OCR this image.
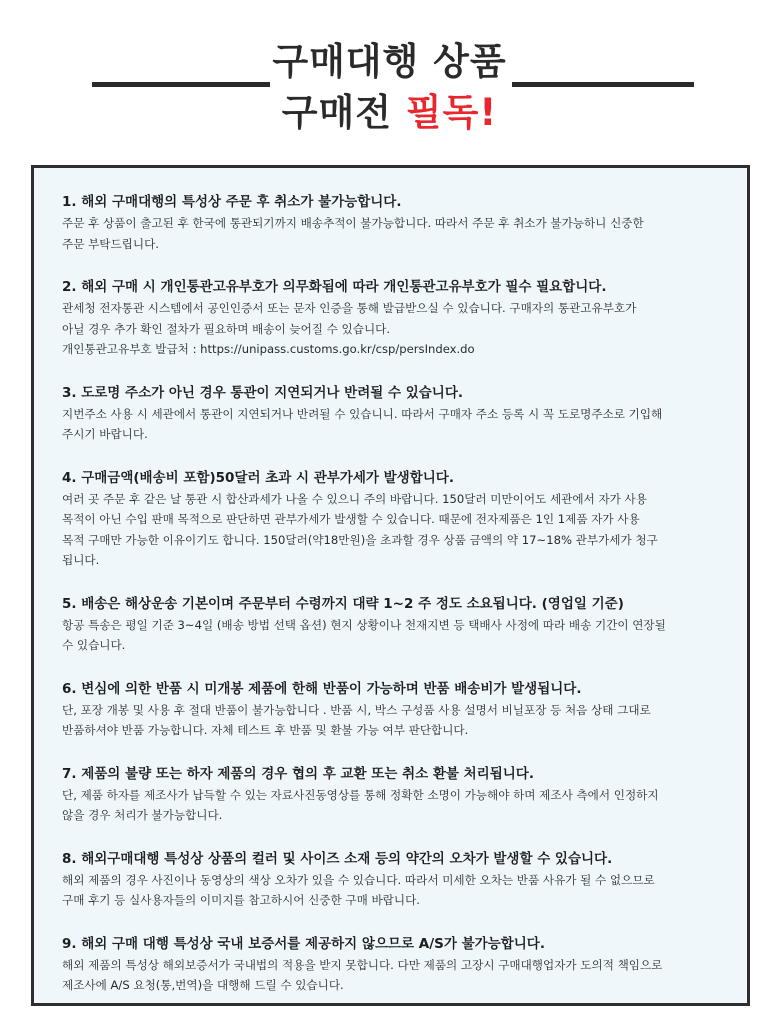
구매대행 상품
구매전 필독!
1. 해외 구매대행의 특성상 주문 후 취소가 불가능합니다.
주문 후 상품이 출고된 후 한국에 통관되기까지 배송추적이 불가능합니다. 따라서 주문 후 취소가 불가능하니 신중한
주문 부탁드립니다.
2. 해외 구매 시 개인통관고유부호가 의무화됨에 따라 개인통관고유부호가 필수 필요합니다.
관세청 전자통관 시스템에서 공인인증서 또는 문자 인증을 통해 발급받으실 수 있습니다. 구매자의 통관고유부호가
아닐 경우 추가 확인 절차가 필요하며 배송이 늦어질 수 있습니다.
개인통관고유부호 발급처 : https://unipass.customs.go.kr/csp/persIndex.do
3. 도로명 주소가 아닌 경우 통관이 지연되거나 반려될 수 있습니다.
지번주소 사용 시 세관에서 통관이 지연되거나 반려될 수 있습니니. 따라서 구매자 주소 등록 시 꼭 도로명주소로 기입해
주시기 바랍니다.
4. 구매금액(배송비 포함)50달러 초과 시 관부가세가 발생합니다.
여러 곳 주문 후 같은 날 통관 시 합산과세가 나올 수 있으니 주의 바랍니다. 150달러 미만이어도 세관에서 자가 사용
목적이 아닌 수입 판매 목적으로 판단하면 관부가세가 발생할 수 있습니다. 때문에 전자제품은 1인 1제품 자가 사용
목적 구매만 가능한 이유이기도 합니다. 150달러(약18만원)을 초과할 경우 상품 금액의 약 17~18% 관부가세가 청구
됩니다.
5. 배송은 해상운송 기본이며 주문부터 수령까지 대략 1~2 주 정도 소요됩니다. (영업일 기준)
항공 특송은 평일 기준 3~4일 (배송 방법 선택 옵션) 현지 상황이나 천재지변 등 택배사 사정에 따라 배송 기간이 연장될
수 있습니다.
6. 변심에 의한 반품 시 미개봉 제품에 한해 반품이 가능하며 반품 배송비가 발생됩니다.
단, 포장 개봉 및 사용 후 절대 반품이 불가능합니다 . 반품 시, 박스 구성품 사용 설명서 비닐포장 등 처음 상태 그대로
반품하셔야 반품 가능합니다. 자체 테스트 후 반품 및 환불 가능 여부 판단합니다.
7. 제품의 불량 또는 하자 제품의 경우 협의 후 교환 또는 취소 환불 처리됩니다.
단, 제품 하자를 제조사가 납득할 수 있는 자료사진동영상를 통해 정확한 소명이 가능해야 하며 제조사 측에서 인정하지
않을 경우 처리가 불가능합니다.
8. 해외구매대행 특성상 상품의 컬러 및 사이즈 소재 등의 약간의 오차가 발생할 수 있습니다.
해외 제품의 경우 사진이나 동영상의 색상 오차가 있을 수 있습니다. 따라서 미세한 오차는 반품 사유가 될 수 없으므로
구매 후기 등 실사용자들의 이미지를 참고하시어 신중한 구매 바랍니다.
9. 해외 구매 대행 특성상 국내 보증서를 제공하지 않으므로 A/S가 불가능합니다.
해외 제품의 특성상 해외보증서가 국내법의 적용을 받지 못합니다. 다만 제품의 고장시 구매대행업자가 도의적 책임으로
제조사에 A/S 요청(통,번역)을 대행해 드릴 수 있습니다.
